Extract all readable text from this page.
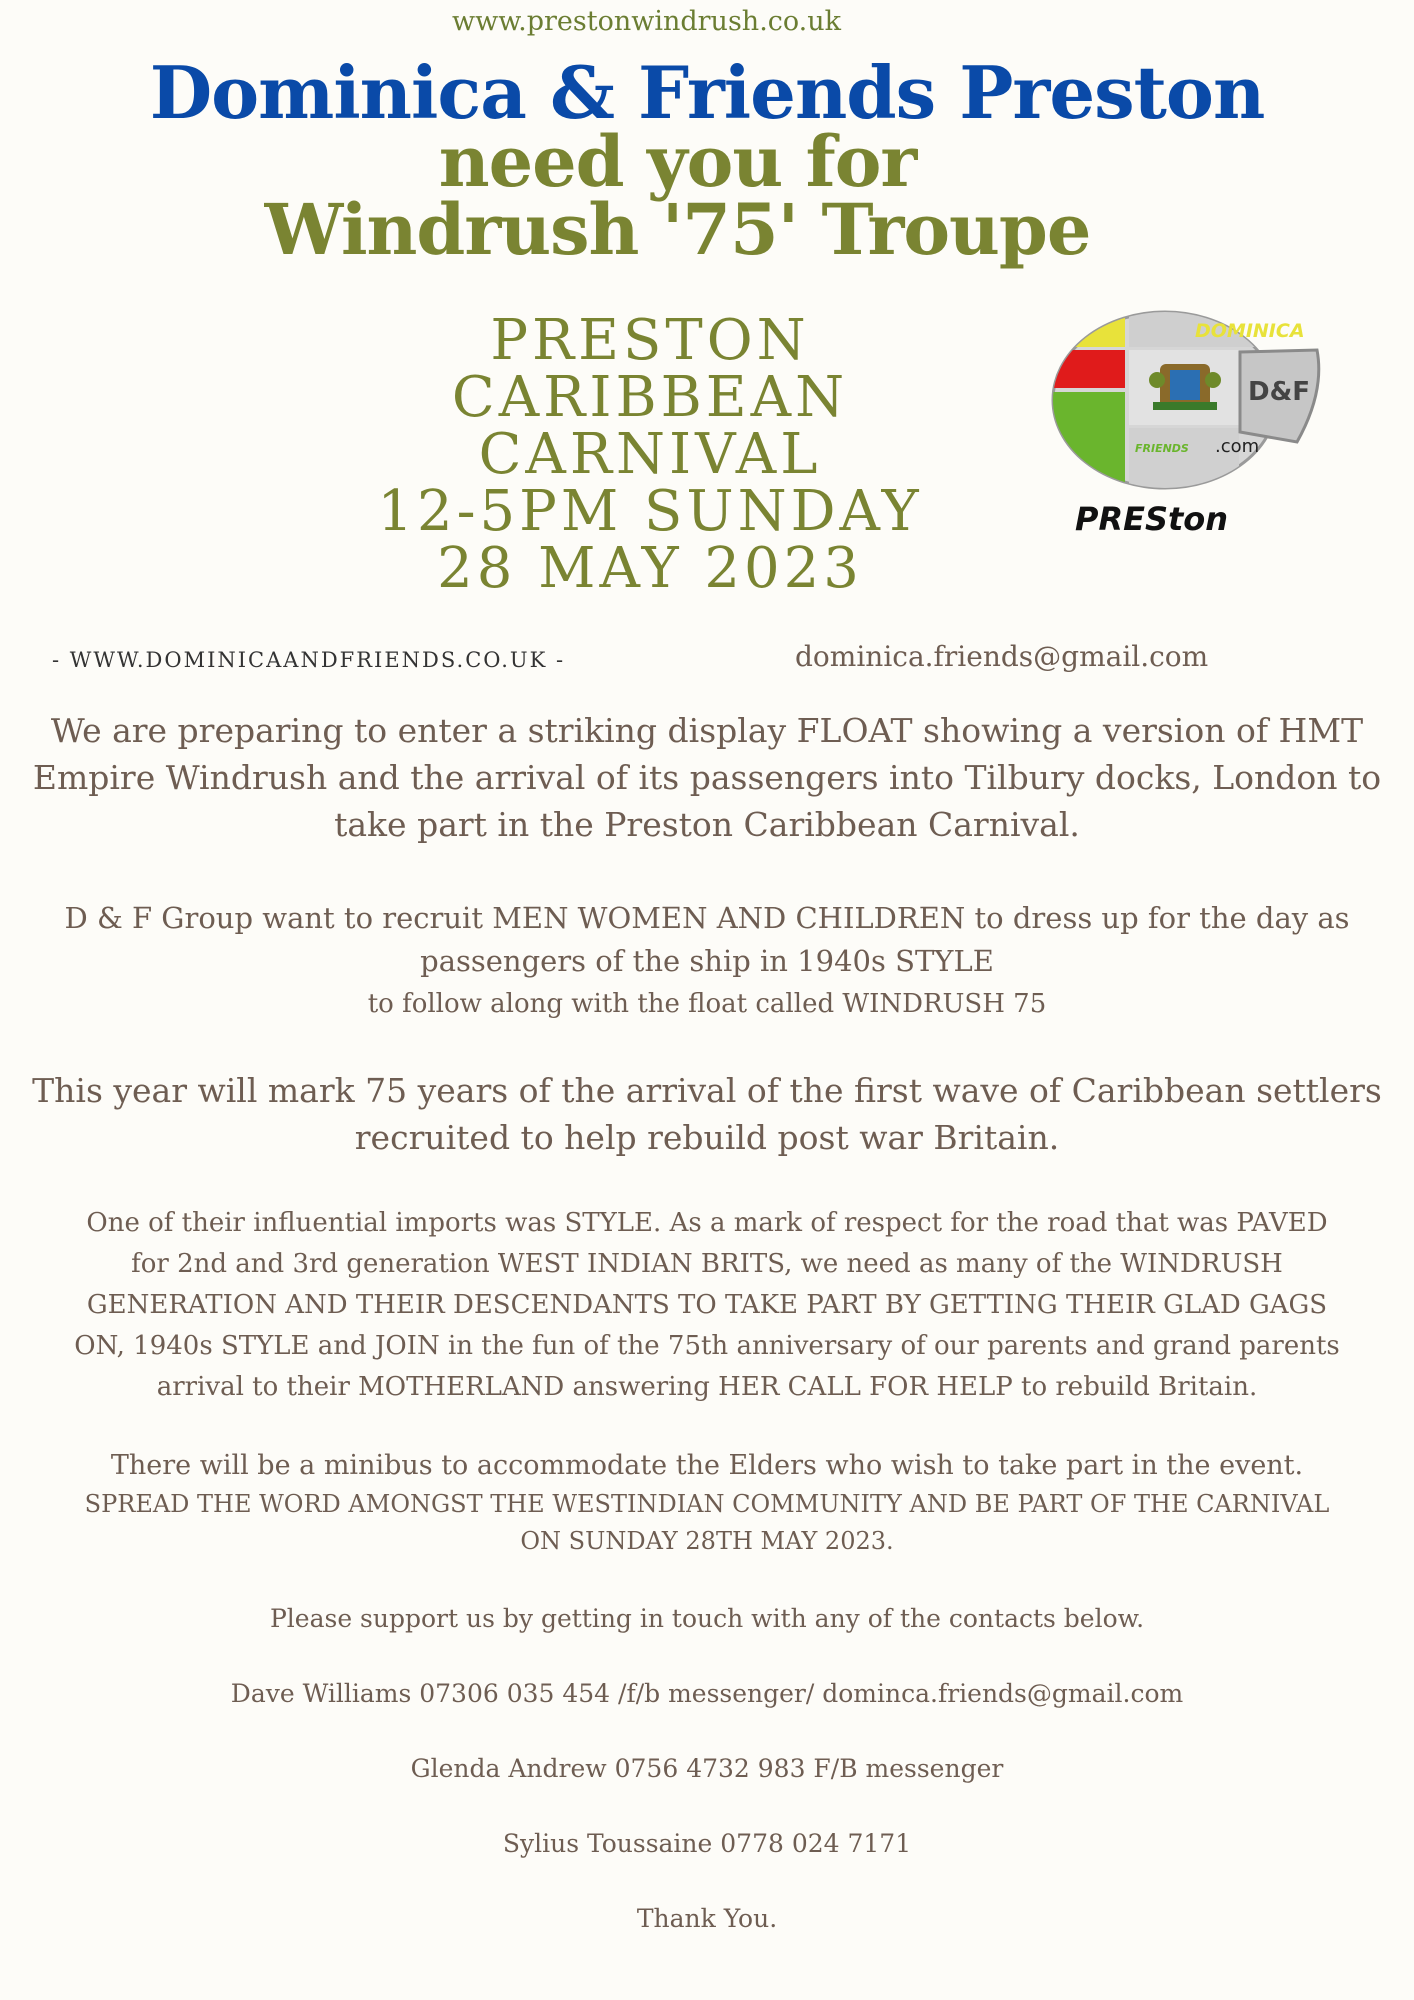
www.prestonwindrush.co.uk
Dominica & Friends Preston
need you for
Windrush '75' Troupe
PRESTON
CARIBBEAN
CARNIVAL
12-5PM SUNDAY
28 MAY 2023
DOMINICA
D&F
FRIENDS .com
PRESton
- WWW.DOMINICAANDFRIENDS.CO.UK -	dominica.friends@gmail.com
We are preparing to enter a striking display FLOAT showing a version of HMT
Empire Windrush and the arrival of its passengers into Tilbury docks, London to
take part in the Preston Caribbean Carnival.
D & F Group want to recruit MEN WOMEN AND CHILDREN to dress up for the day as
passengers of the ship in 1940s STYLE
to follow along with the float called WINDRUSH 75
This year will mark 75 years of the arrival of the first wave of Caribbean settlers
recruited to help rebuild post war Britain.
One of their influential imports was STYLE. As a mark of respect for the road that was PAVED
for 2nd and 3rd generation WEST INDIAN BRITS, we need as many of the WINDRUSH
GENERATION AND THEIR DESCENDANTS TO TAKE PART BY GETTING THEIR GLAD GAGS
ON, 1940s STYLE and JOIN in the fun of the 75th anniversary of our parents and grand parents
arrival to their MOTHERLAND answering HER CALL FOR HELP to rebuild Britain.
There will be a minibus to accommodate the Elders who wish to take part in the event.
SPREAD THE WORD AMONGST THE WESTINDIAN COMMUNITY AND BE PART OF THE CARNIVAL
ON SUNDAY 28TH MAY 2023.
Please support us by getting in touch with any of the contacts below.
Dave Williams 07306 035 454 /f/b messenger/ dominca.friends@gmail.com
Glenda Andrew 0756 4732 983 F/B messenger
Sylius Toussaine 0778 024 7171
Thank You.
